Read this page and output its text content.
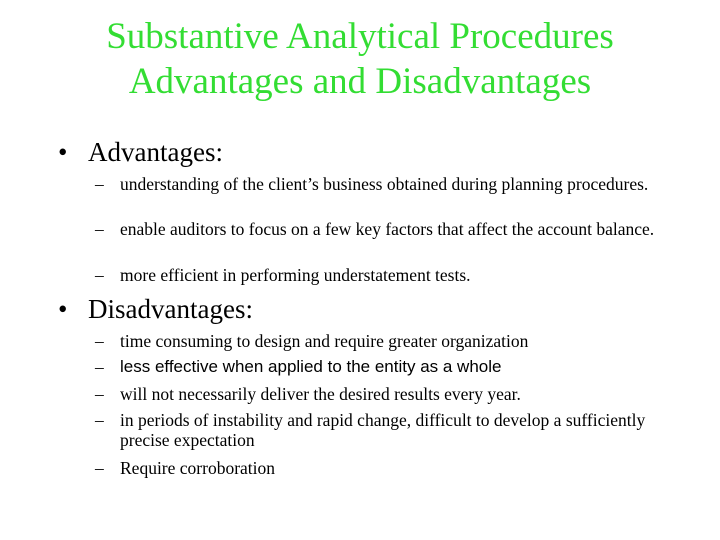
Substantive Analytical Procedures
Advantages and Disadvantages
• Advantages:
– understanding of the client’s business obtained during planning procedures.
– enable auditors to focus on a few key factors that affect the account balance.
– more efficient in performing understatement tests.
• Disadvantages:
– time consuming to design and require greater organization
– less effective when applied to the entity as a whole
– will not necessarily deliver the desired results every year.
– in periods of instability and rapid change, difficult to develop a sufficiently precise expectation
– Require corroboration
